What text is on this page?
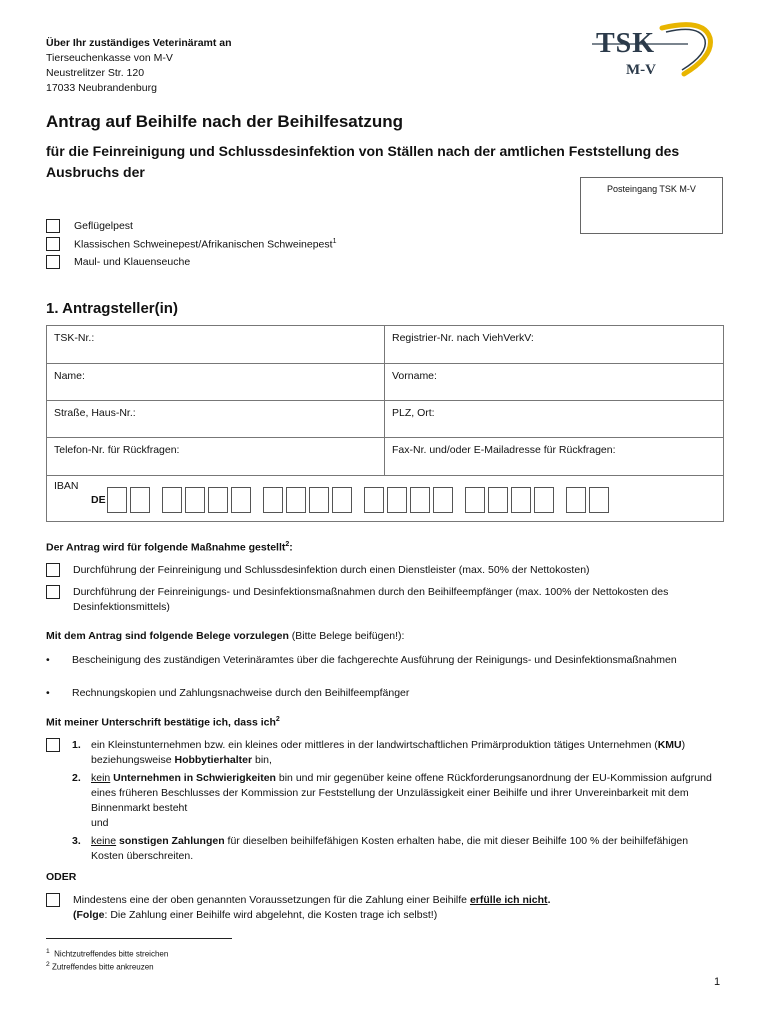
Über Ihr zuständiges Veterinäramt an
Tierseuchenkasse von M-V
Neustrelitzer Str. 120
17033 Neubrandenburg
TSK
M-V
Antrag auf Beihilfe nach der Beihilfesatzung
für die Feinreinigung und Schlussdesinfektion von Ställen nach der amtlichen Feststellung des Ausbruchs der
Posteingang TSK M-V
Geflügelpest
Klassischen Schweinepest/Afrikanischen Schweinepest$^1$
Maul- und Klauenseuche
1. Antragsteller(in)
TSK-Nr.:	Registrier-Nr. nach ViehVerkV:
Name:	Vorname:
Straße, Haus-Nr.:	PLZ, Ort:
Telefon-Nr. für Rückfragen:	Fax-Nr. und/oder E-Mailadresse für Rückfragen:
IBAN
DE
Der Antrag wird für folgende Maßnahme gestellt$^2$:
Durchführung der Feinreinigung und Schlussdesinfektion durch einen Dienstleister (max. 50% der Nettokosten)
Durchführung der Feinreinigungs- und Desinfektionsmaßnahmen durch den Beihilfeempfänger (max. 100% der Nettokosten des Desinfektionsmittels)
Mit dem Antrag sind folgende Belege vorzulegen (Bitte Belege beifügen!):
• Bescheinigung des zuständigen Veterinäramtes über die fachgerechte Ausführung der Reinigungs- und Desinfektionsmaßnahmen
• Rechnungskopien und Zahlungsnachweise durch den Beihilfeempfänger
Mit meiner Unterschrift bestätige ich, dass ich$^2$
1. ein Kleinstunternehmen bzw. ein kleines oder mittleres in der landwirtschaftlichen Primärproduktion tätiges Unternehmen (KMU) beziehungsweise Hobbytierhalter bin,
2. kein Unternehmen in Schwierigkeiten bin und mir gegenüber keine offene Rückforderungsanordnung der EU-Kommission aufgrund eines früheren Beschlusses der Kommission zur Feststellung der Unzulässigkeit einer Beihilfe und ihrer Unvereinbarkeit mit dem Binnenmarkt besteht
und
3. keine sonstigen Zahlungen für dieselben beihilfefähigen Kosten erhalten habe, die mit dieser Beihilfe 100 % der beihilfefähigen Kosten überschreiten.
ODER
Mindestens eine der oben genannten Voraussetzungen für die Zahlung einer Beihilfe erfülle ich nicht.
(Folge: Die Zahlung einer Beihilfe wird abgelehnt, die Kosten trage ich selbst!)
$^1$ Nichtzutreffendes bitte streichen
$^2$ Zutreffendes bitte ankreuzen
1
